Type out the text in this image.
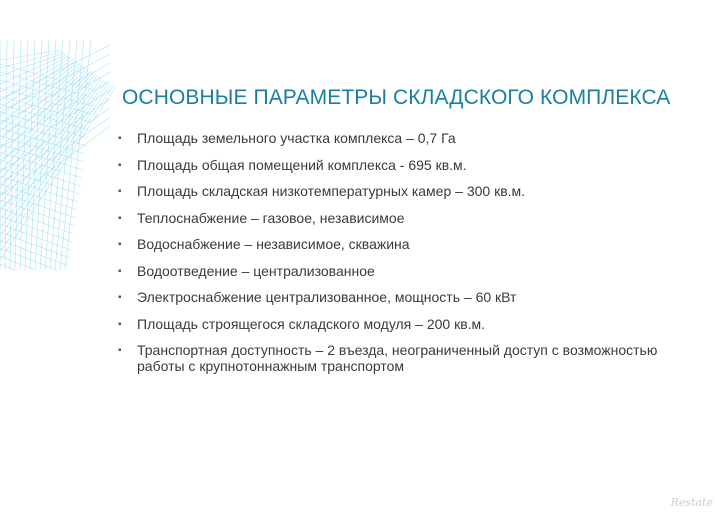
ОСНОВНЫЕ ПАРАМЕТРЫ СКЛАДСКОГО КОМПЛЕКСА
▪ Площадь земельного участка комплекса – 0,7 Га
▪ Площадь общая помещений комплекса - 695 кв.м.
▪ Площадь складская низкотемпературных камер – 300 кв.м.
▪ Теплоснабжение – газовое, независимое
▪ Водоснабжение – независимое, скважина
▪ Водоотведение – централизованное
▪ Электроснабжение централизованное, мощность – 60 кВт
▪ Площадь строящегося складского модуля – 200 кв.м.
▪ Транспортная доступность – 2 въезда, неограниченный доступ с возможностью работы с крупнотоннажным транспортом
Restate
